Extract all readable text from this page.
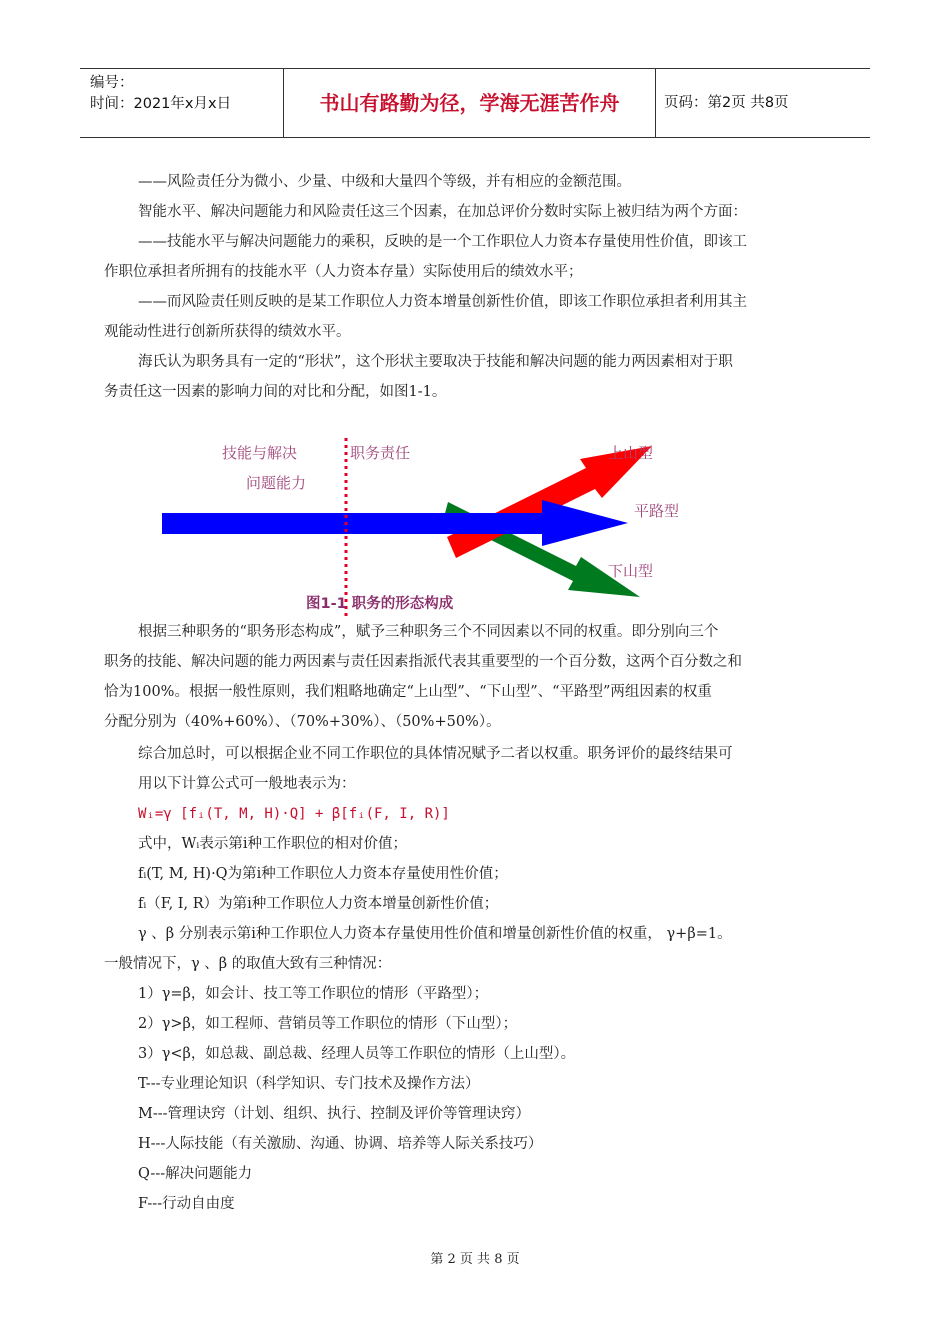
编号：
时间：2021年x月x日	书山有路勤为径，学海无涯苦作舟	页码：第2页 共8页
——风险责任分为微小、少量、中级和大量四个等级，并有相应的金额范围。
智能水平、解决问题能力和风险责任这三个因素，在加总评价分数时实际上被归结为两个方面：
——技能水平与解决问题能力的乘积，反映的是一个工作职位人力资本存量使用性价值，即该工
作职位承担者所拥有的技能水平（人力资本存量）实际使用后的绩效水平；
——而风险责任则反映的是某工作职位人力资本增量创新性价值，即该工作职位承担者利用其主
观能动性进行创新所获得的绩效水平。
海氏认为职务具有一定的“形状”，这个形状主要取决于技能和解决问题的能力两因素相对于职
务责任这一因素的影响力间的对比和分配，如图1-1。
技能与解决
问题能力
职务责任	上山型
平路型
下山型
图1-1 职务的形态构成
根据三种职务的“职务形态构成”，赋予三种职务三个不同因素以不同的权重。即分别向三个
职务的技能、解决问题的能力两因素与责任因素指派代表其重要型的一个百分数，这两个百分数之和
恰为100%。根据一般性原则，我们粗略地确定“上山型”、“下山型”、“平路型”两组因素的权重
分配分别为（40%+60%）、（70%+30%）、（50%+50%）。
综合加总时，可以根据企业不同工作职位的具体情况赋予二者以权重。职务评价的最终结果可
用以下计算公式可一般地表示为：
Wᵢ=γ [fᵢ(T, M, H)·Q] + β[fᵢ(F, I, R)]
式中，Wᵢ表示第i种工作职位的相对价值；
fᵢ(T, M, H)·Q为第i种工作职位人力资本存量使用性价值；
fᵢ（F, I, R）为第i种工作职位人力资本增量创新性价值；
γ 、β 分别表示第i种工作职位人力资本存量使用性价值和增量创新性价值的权重， γ+β=1。
一般情况下，γ 、β 的取值大致有三种情况：
1）γ=β，如会计、技工等工作职位的情形（平路型）；
2）γ>β，如工程师、营销员等工作职位的情形（下山型）；
3）γ<β，如总裁、副总裁、经理人员等工作职位的情形（上山型）。
T---专业理论知识（科学知识、专门技术及操作方法）
M---管理诀窍（计划、组织、执行、控制及评价等管理诀窍）
H---人际技能（有关激励、沟通、协调、培养等人际关系技巧）
Q---解决问题能力
F---行动自由度
第 2 页 共 8 页
